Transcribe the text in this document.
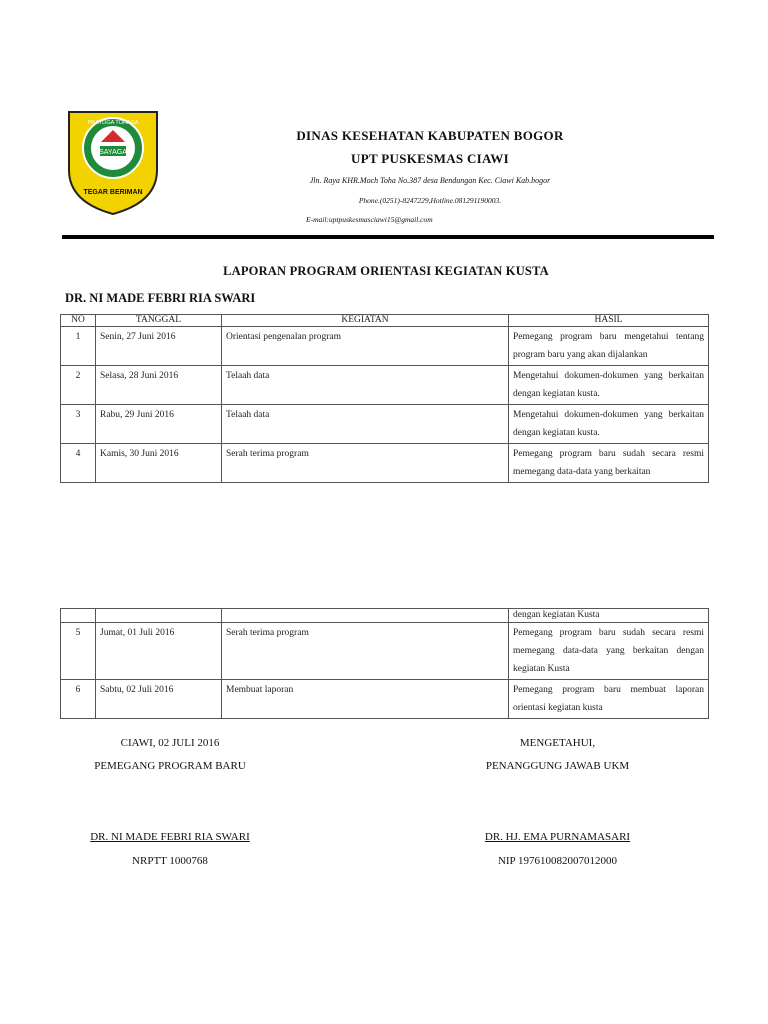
SAYAGA
PRAYOGA TOHAGA
TEGAR BERIMAN
DINAS KESEHATAN KABUPATEN BOGOR
UPT PUSKESMAS CIAWI
Jln. Raya KHR.Moch Toha No.387 desa Bendungan Kec. Ciawi Kab.bogor
Phone.(0251)-8247229,Hotline.081291190003.
E-mail:uptpuskesmasciawi15@gmail.com
LAPORAN PROGRAM ORIENTASI KEGIATAN KUSTA
DR. NI MADE FEBRI RIA SWARI
NO	TANGGAL	KEGIATAN	HASIL
1	Senin, 27 Juni 2016	Orientasi pengenalan program	Pemegang program baru mengetahui tentang program baru yang akan dijalankan
2	Selasa, 28 Juni 2016	Telaah data	Mengetahui dokumen-dokumen yang berkaitan dengan kegiatan kusta.
3	Rabu, 29 Juni 2016	Telaah data	Mengetahui dokumen-dokumen yang berkaitan dengan kegiatan kusta.
4	Kamis, 30 Juni 2016	Serah terima program	Pemegang program baru sudah secara resmi memegang data-data yang berkaitan
			dengan kegiatan Kusta
5	Jumat, 01 Juli 2016	Serah terima program	Pemegang program baru sudah secara resmi memegang data-data yang berkaitan dengan kegiatan Kusta
6	Sabtu, 02 Juli 2016	Membuat laporan	Pemegang program baru membuat laporan orientasi kegiatan kusta
CIAWI, 02 JULI 2016
PEMEGANG PROGRAM BARU
DR. NI MADE FEBRI RIA SWARI
NRPTT 1000768
MENGETAHUI,
PENANGGUNG JAWAB UKM
DR. HJ. EMA PURNAMASARI
NIP 197610082007012000
